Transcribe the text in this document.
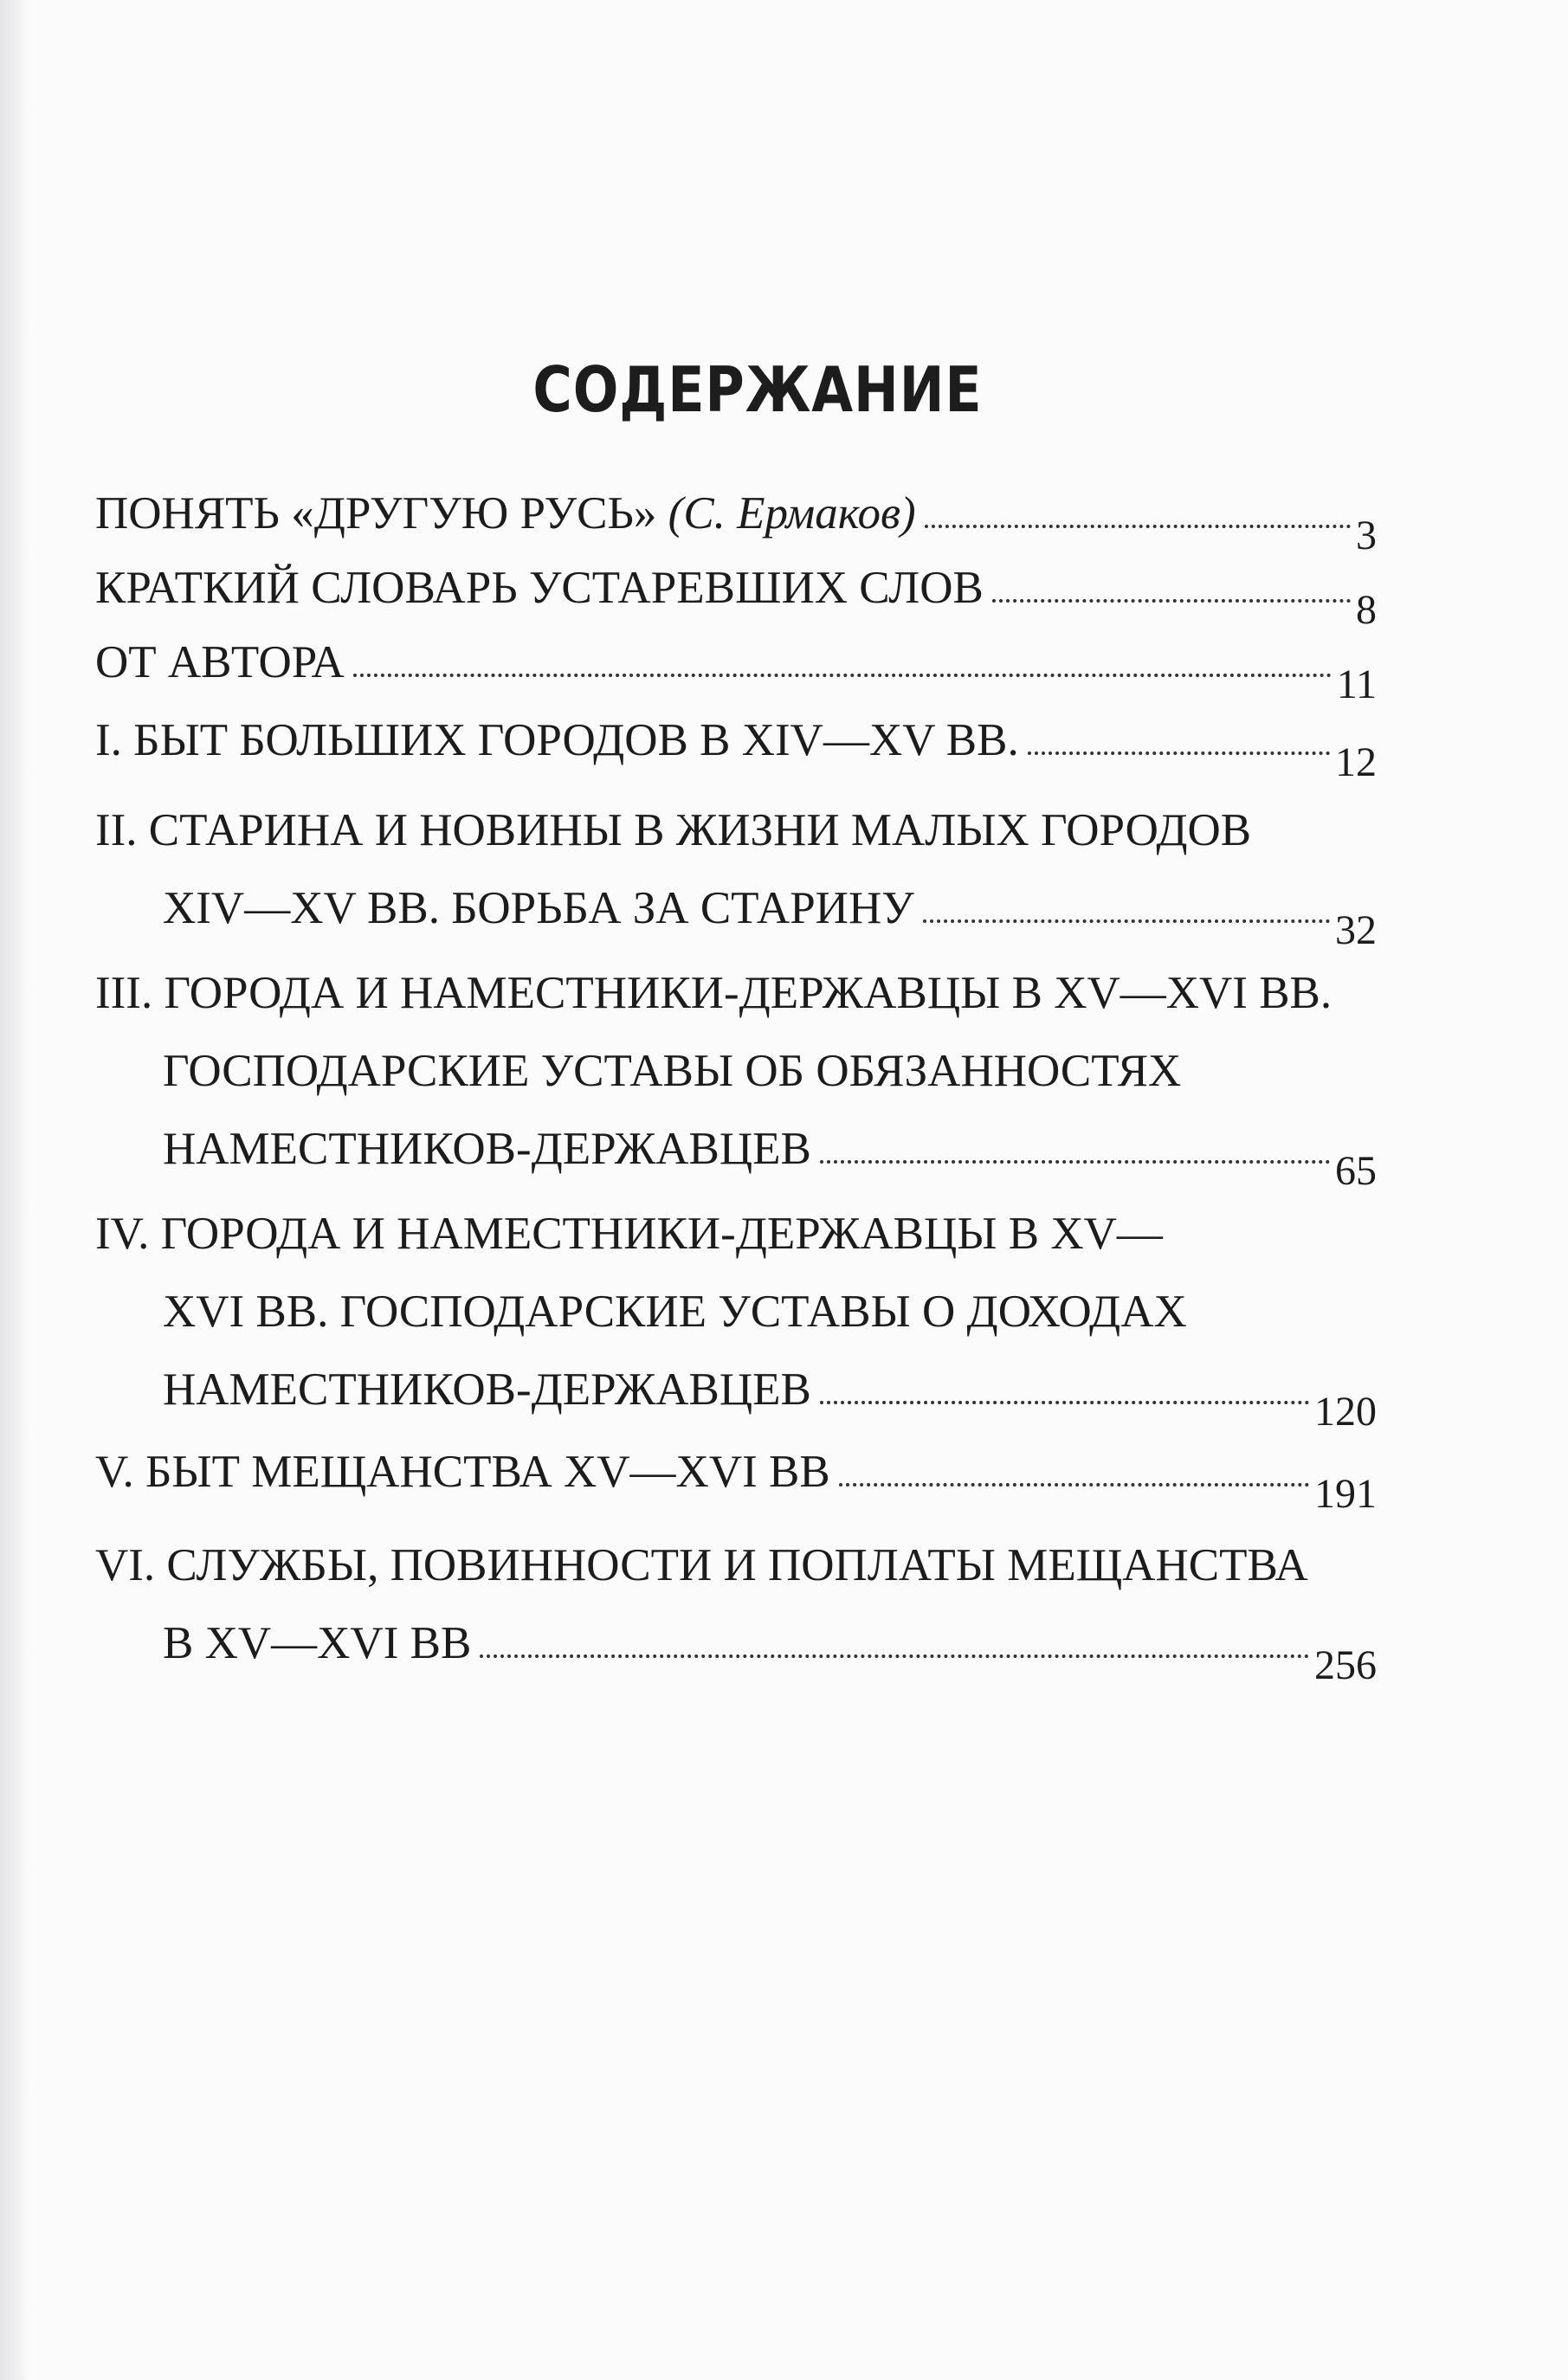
СОДЕРЖАНИЕ
ПОНЯТЬ «ДРУГУЮ РУСЬ» (С. Ермаков)	3
КРАТКИЙ СЛОВАРЬ УСТАРЕВШИХ СЛОВ	8
ОТ АВТОРА	11
I. БЫТ БОЛЬШИХ ГОРОДОВ В XIV—XV ВВ.	12
II. СТАРИНА И НОВИНЫ В ЖИЗНИ МАЛЫХ ГОРОДОВ
XIV—XV ВВ. БОРЬБА ЗА СТАРИНУ	32
III. ГОРОДА И НАМЕСТНИКИ-ДЕРЖАВЦЫ В XV—XVI ВВ.
ГОСПОДАРСКИЕ УСТАВЫ ОБ ОБЯЗАННОСТЯХ
НАМЕСТНИКОВ-ДЕРЖАВЦЕВ	65
IV. ГОРОДА И НАМЕСТНИКИ-ДЕРЖАВЦЫ В XV—
XVI ВВ. ГОСПОДАРСКИЕ УСТАВЫ О ДОХОДАХ
НАМЕСТНИКОВ-ДЕРЖАВЦЕВ	120
V. БЫТ МЕЩАНСТВА XV—XVI ВВ	191
VI. СЛУЖБЫ, ПОВИННОСТИ И ПОПЛАТЫ МЕЩАНСТВА
В XV—XVI ВВ	256
